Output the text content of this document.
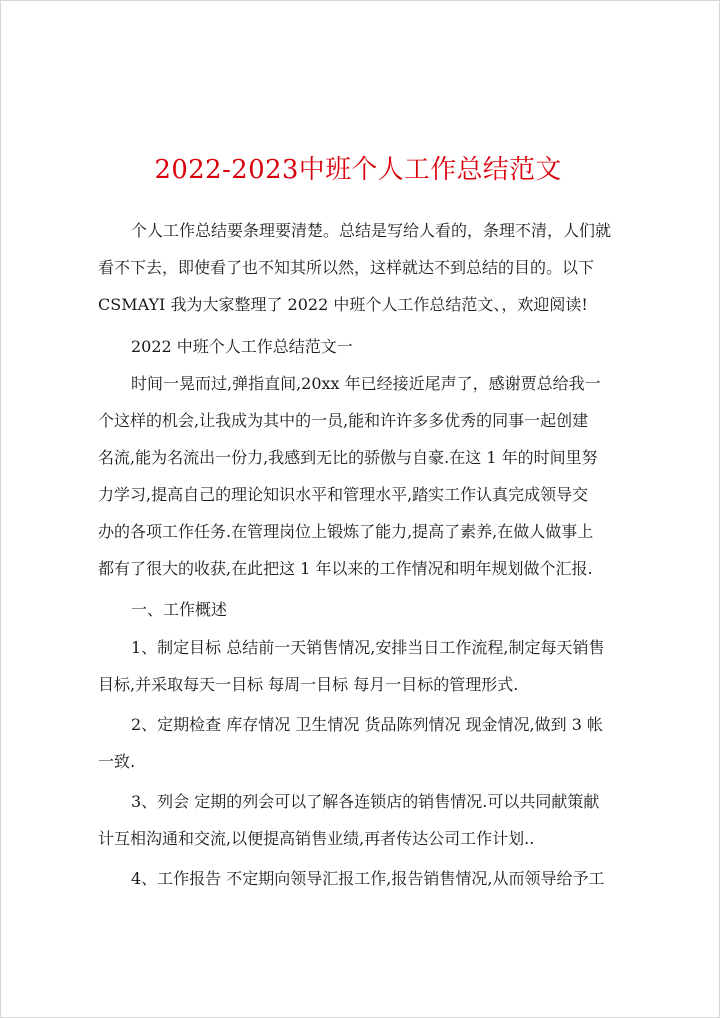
2022-2023中班个人工作总结范文
个人工作总结要条理要清楚。总结是写给人看的，条理不清，人们就
看不下去，即使看了也不知其所以然，这样就达不到总结的目的。以下
CSMAYI 我为大家整理了 2022 中班个人工作总结范文、，欢迎阅读!
2022 中班个人工作总结范文一
时间一晃而过,弹指直间,20xx 年已经接近尾声了，感谢贾总给我一
个这样的机会,让我成为其中的一员,能和许许多多优秀的同事一起创建
名流,能为名流出一份力,我感到无比的骄傲与自豪.在这 1 年的时间里努
力学习,提高自己的理论知识水平和管理水平,踏实工作认真完成领导交
办的各项工作任务.在管理岗位上锻炼了能力,提高了素养,在做人做事上
都有了很大的收获,在此把这 1 年以来的工作情况和明年规划做个汇报.
一、工作概述
1、制定目标 总结前一天销售情况,安排当日工作流程,制定每天销售
目标,并采取每天一目标 每周一目标 每月一目标的管理形式.
2、定期检查 库存情况 卫生情况 货品陈列情况 现金情况,做到 3 帐
一致.
3、列会 定期的列会可以了解各连锁店的销售情况.可以共同献策献
计互相沟通和交流,以便提高销售业绩,再者传达公司工作计划..
4、工作报告 不定期向领导汇报工作,报告销售情况,从而领导给予工
